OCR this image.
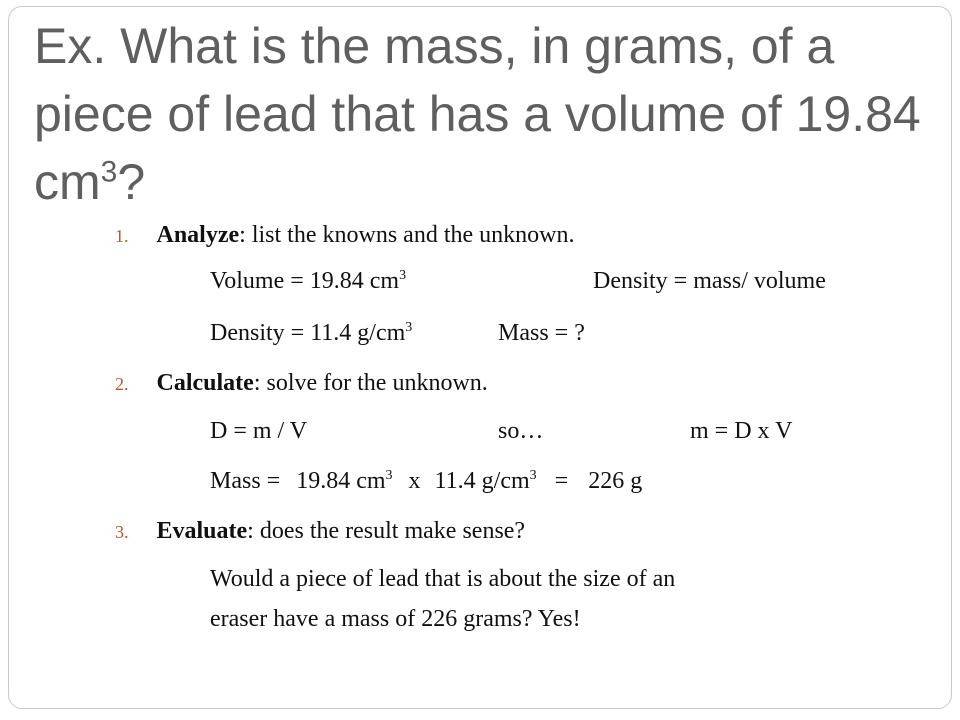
Ex. What is the mass, in grams, of a piece of lead that has a volume of 19.84 $cm^3$?
1. Analyze: list the knowns and the unknown.
Volume = 19.84 $cm^3$	Density = mass/ volume
Density = 11.4 $g/cm^3$	Mass = ?
2. Calculate: solve for the unknown.
D = m / V	so…	m = D x V
Mass = 19.84 $cm^3$ x 11.4 $g/cm^3 = 226$ g
3. Evaluate: does the result make sense?
Would a piece of lead that is about the size of an
eraser have a mass of 226 grams? Yes!
